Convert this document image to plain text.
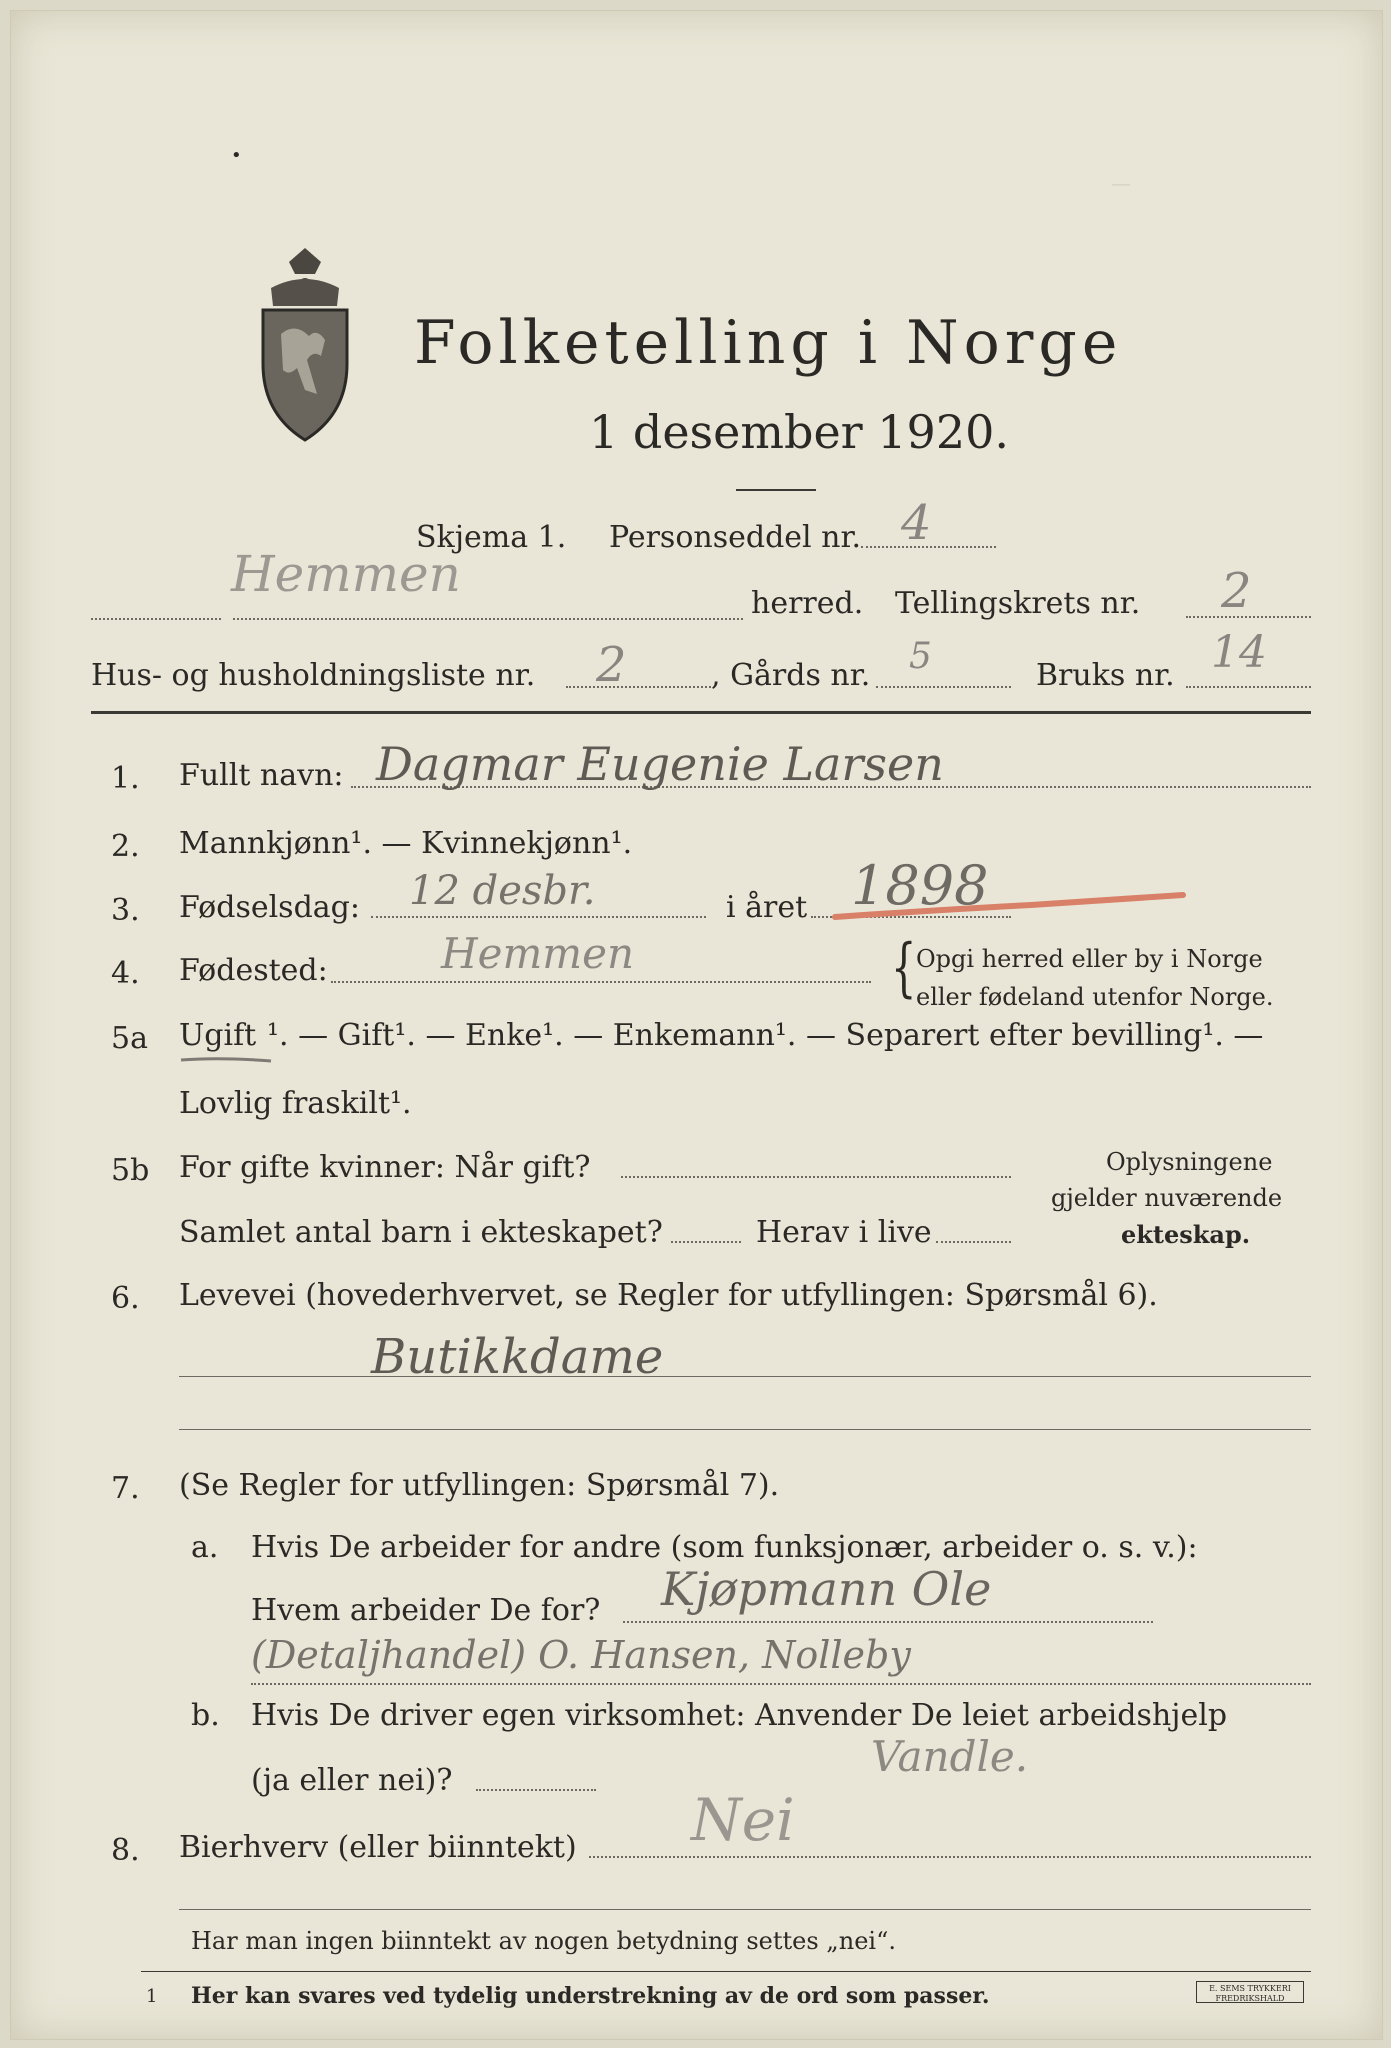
—
•
Folketelling i Norge
1 desember 1920.
Skjema 1. Personseddel nr. 4
Hemmen
herred. Tellingskrets nr. 2
Hus- og husholdningsliste nr. 2	, Gårds nr. 5	Bruks nr. 14
1. Fullt navn: Dagmar Eugenie Larsen
2. Mannkjønn¹. — Kvinnekjønn¹.
3. Fødselsdag: 12 desbr.	i året 1898
4. Fødested:	Hemmen	{ Opgi herred eller by i Norge
eller fødeland utenfor Norge.
5a Ugift ¹. — Gift¹. — Enke¹. — Enkemann¹. — Separert efter bevilling¹. —
Lovlig fraskilt¹.
5b For gifte kvinner: Når gift?
Samlet antal barn i ekteskapet?	Herav i live
Oplysningene
gjelder nuværende
ekteskap.
6. Levevei (hovederhvervet, se Regler for utfyllingen: Spørsmål 6).
Butikkdame
7. (Se Regler for utfyllingen: Spørsmål 7).
a. Hvis De arbeider for andre (som funksjonær, arbeider o. s. v.):
Hvem arbeider De for? Kjøpmann Ole
(Detaljhandel) O. Hansen, Nolleby
b. Hvis De driver egen virksomhet: Anvender De leiet arbeidshjelp
(ja eller nei)?	Vandle.
8. Bierhverv (eller biinntekt) Nei
Har man ingen biinntekt av nogen betydning settes „nei“.
1 Her kan svares ved tydelig understrekning av de ord som passer.	E. SEMS TRYKKERI FREDRIKSHALD
